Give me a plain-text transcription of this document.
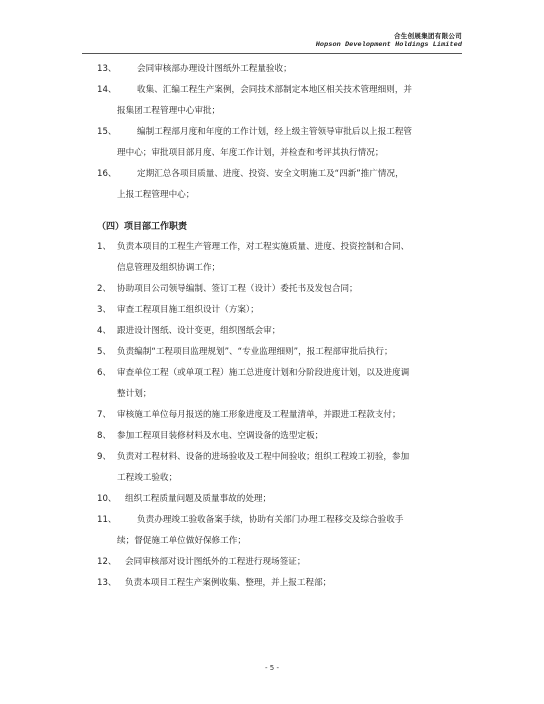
合生创展集团有限公司
Hopson Development Holdings Limited
13、 会同审核部办理设计图纸外工程量验收；
14、 收集、汇编工程生产案例，会同技术部制定本地区相关技术管理细则，并
报集团工程管理中心审批；
15、 编制工程部月度和年度的工作计划，经上级主管领导审批后以上报工程管
理中心；审批项目部月度、年度工作计划，并检查和考评其执行情况；
16、 定期汇总各项目质量、进度、投资、安全文明施工及“四新”推广情况，
上报工程管理中心；
（四）项目部工作职责
1、 负责本项目的工程生产管理工作，对工程实施质量、进度、投资控制和合同、
信息管理及组织协调工作；
2、 协助项目公司领导编制、签订工程（设计）委托书及发包合同；
3、 审查工程项目施工组织设计（方案）；
4、 跟进设计图纸、设计变更，组织图纸会审；
5、 负责编制“工程项目监理规划”、“专业监理细则”，报工程部审批后执行；
6、 审查单位工程（或单项工程）施工总进度计划和分阶段进度计划，以及进度调
整计划；
7、 审核施工单位每月报送的施工形象进度及工程量清单，并跟进工程款支付；
8、 参加工程项目装修材料及水电、空调设备的选型定板；
9、 负责对工程材料、设备的进场验收及工程中间验收；组织工程竣工初验，参加
工程竣工验收；
10、 组织工程质量问题及质量事故的处理；
11、 负责办理竣工验收备案手续，协助有关部门办理工程移交及综合验收手
续；督促施工单位做好保修工作；
12、 会同审核部对设计图纸外的工程进行现场签证；
13、 负责本项目工程生产案例收集、整理，并上报工程部；
- 5 -
